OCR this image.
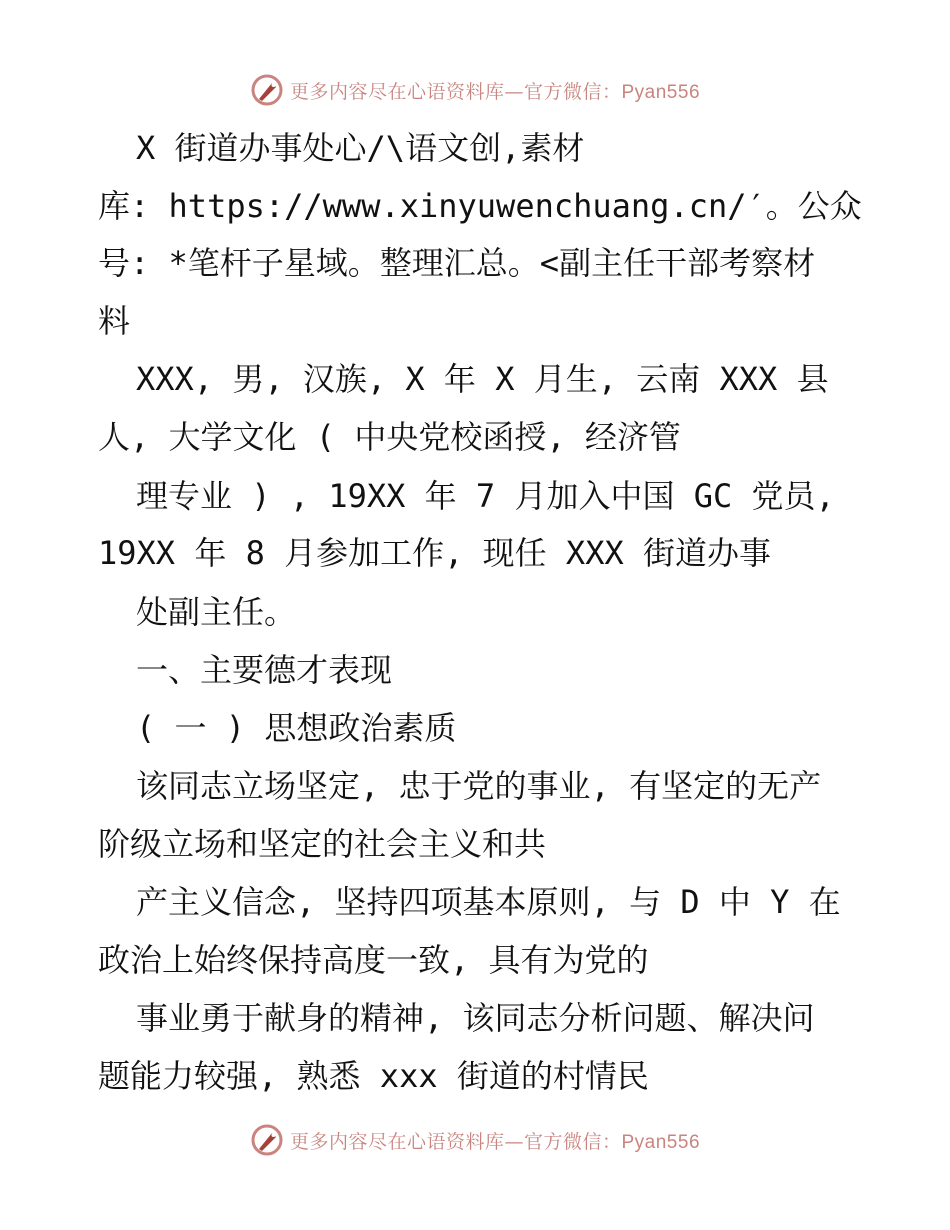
更多内容尽在心语资料库—官方微信：Pyan556
X 街道办事处心/\语文创,素材
库: https://www.xinyuwenchuang.cn/′。公众
号: *笔杆子星域。整理汇总。<副主任干部考察材
料
XXX, 男, 汉族, X 年 X 月生, 云南 XXX 县
人, 大学文化 ( 中央党校函授, 经济管
理专业 ) , 19XX 年 7 月加入中国 GC 党员,
19XX 年 8 月参加工作, 现任 XXX 街道办事
处副主任。
一、主要德才表现
( 一 ) 思想政治素质
该同志立场坚定, 忠于党的事业, 有坚定的无产
阶级立场和坚定的社会主义和共
产主义信念, 坚持四项基本原则, 与 D 中 Y 在
政治上始终保持高度一致, 具有为党的
事业勇于献身的精神, 该同志分析问题、解决问
题能力较强, 熟悉 xxx 街道的村情民
更多内容尽在心语资料库—官方微信：Pyan556
